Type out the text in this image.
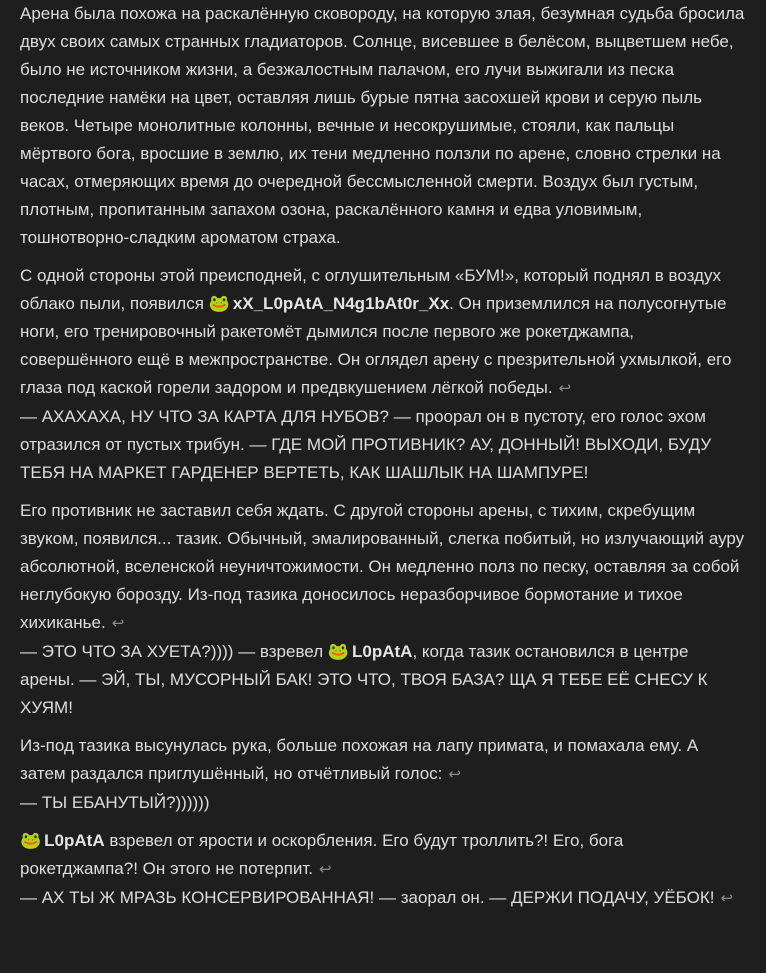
Арена была похожа на раскалённую сковороду, на которую злая, безумная судьба бросила двух своих самых странных гладиаторов. Солнце, висевшее в белёсом, выцветшем небе, было не источником жизни, а безжалостным палачом, его лучи выжигали из песка последние намёки на цвет, оставляя лишь бурые пятна засохшей крови и серую пыль веков. Четыре монолитные колонны, вечные и несокрушимые, стояли, как пальцы мёртвого бога, вросшие в землю, их тени медленно ползли по арене, словно стрелки на часах, отмеряющих время до очередной бессмысленной смерти. Воздух был густым, плотным, пропитанным запахом озона, раскалённого камня и едва уловимым, тошнотворно-сладким ароматом страха.

С одной стороны этой преисподней, с оглушительным «БУМ!», который поднял в воздух облако пыли, появился 🐸 xX_L0pAtA_N4g1bAt0r_Xx. Он приземлился на полусогнутые ноги, его тренировочный ракетомёт дымился после первого же рокетджампа, совершённого ещё в межпространстве. Он оглядел арену с презрительной ухмылкой, его глаза под каской горели задором и предвкушением лёгкой победы. ↩
— АХАХАХА, НУ ЧТО ЗА КАРТА ДЛЯ НУБОВ? — проорал он в пустоту, его голос эхом отразился от пустых трибун. — ГДЕ МОЙ ПРОТИВНИК? АУ, ДОННЫЙ! ВЫХОДИ, БУДУ ТЕБЯ НА МАРКЕТ ГАРДЕНЕР ВЕРТЕТЬ, КАК ШАШЛЫК НА ШАМПУРЕ!

Его противник не заставил себя ждать. С другой стороны арены, с тихим, скребущим звуком, появился... тазик. Обычный, эмалированный, слегка побитый, но излучающий ауру абсолютной, вселенской неуничтожимости. Он медленно полз по песку, оставляя за собой неглубокую борозду. Из-под тазика доносилось неразборчивое бормотание и тихое хихиканье. ↩
— ЭТО ЧТО ЗА ХУЕТА?)))) — взревел 🐸 L0pAtA, когда тазик остановился в центре арены. — ЭЙ, ТЫ, МУСОРНЫЙ БАК! ЭТО ЧТО, ТВОЯ БАЗА? ЩА Я ТЕБЕ ЕЁ СНЕСУ К ХУЯМ!

Из-под тазика высунулась рука, больше похожая на лапу примата, и помахала ему. А затем раздался приглушённый, но отчётливый голос: ↩
— ТЫ ЕБАНУТЫЙ?))))))

🐸 L0pAtA взревел от ярости и оскорбления. Его будут троллить?! Его, бога рокетджампа?! Он этого не потерпит. ↩
— АХ ТЫ Ж МРАЗЬ КОНСЕРВИРОВАННАЯ! — заорал он. — ДЕРЖИ ПОДАЧУ, УЁБОК! ↩
